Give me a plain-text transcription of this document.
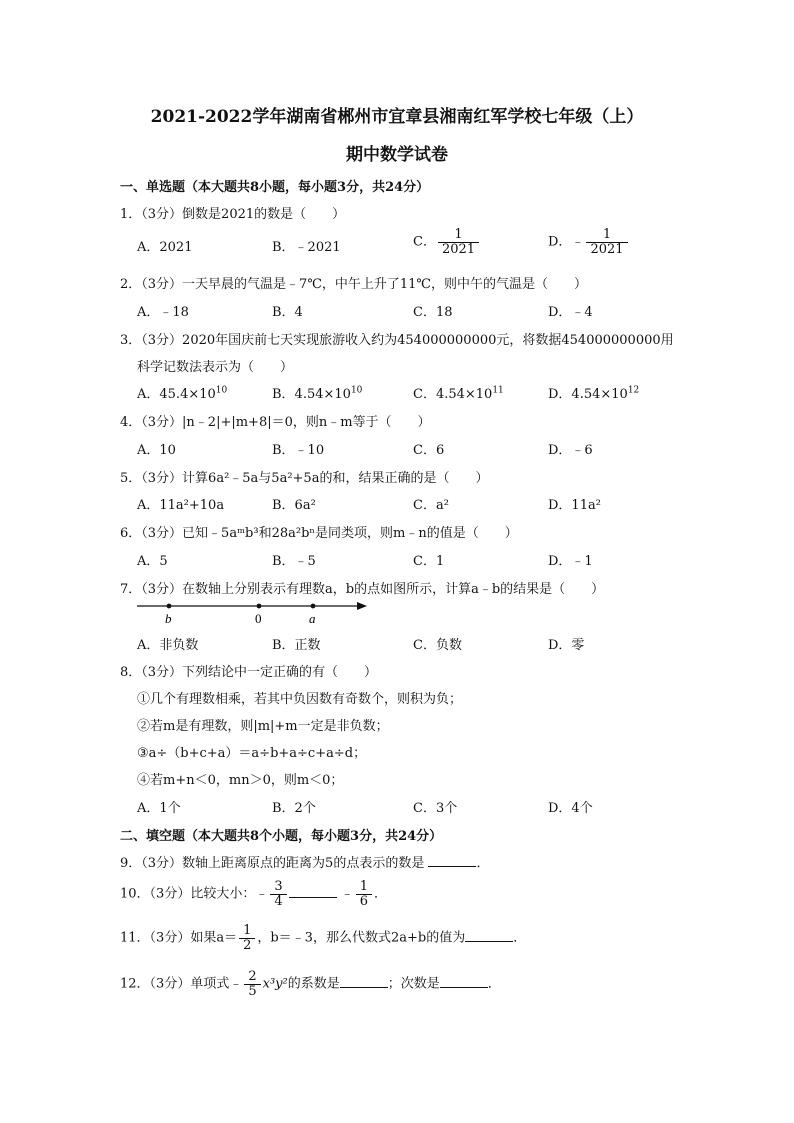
2021-2022学年湖南省郴州市宜章县湘南红军学校七年级（上）
期中数学试卷
一、单选题（本大题共8小题，每小题3分，共24分）
1．（3分）倒数是2021的数是（　　）
A．2021	B．﹣2021	C． $\frac{1}{2021}$	D．﹣ $\frac{1}{2021}$
2．（3分）一天早晨的气温是﹣7℃，中午上升了11℃，则中午的气温是（　　）
A．﹣18	B．4	C．18	D．﹣4
3．（3分）2020年国庆前七天实现旅游收入约为454000000000元，将数据454000000000用
科学记数法表示为（　　）
A．$45.4\times 10^{10}$	B．$4.54\times 10^{10}$	C．$4.54\times 10^{11}$	D．$4.54\times 10^{12}$
4．（3分）|n﹣2|+|m+8|＝0，则n﹣m等于（　　）
A．10	B．﹣10	C．6	D．﹣6
5．（3分）计算6a²﹣5a与5a²+5a的和，结果正确的是（　　）
A．11a²+10a	B．6a²	C．a²	D．11a²
6．（3分）已知﹣5aᵐb³和28a²bⁿ是同类项，则m﹣n的值是（　　）
A．5	B．﹣5	C．1	D．﹣1
7．（3分）在数轴上分别表示有理数a，b的点如图所示，计算a﹣b的结果是（　　）
b	0	a
A．非负数	B．正数	C．负数	D．零
8．（3分）下列结论中一定正确的有（　　）
①几个有理数相乘，若其中负因数有奇数个，则积为负；
②若m是有理数，则|m|+m一定是非负数；
③a÷（b+c+a）＝a÷b+a÷c+a÷d；
④若m+n＜0，mn＞0，则m＜0；
A．1个	B．2个	C．3个	D．4个
二、填空题（本大题共8个小题，每小题3分，共24分）
9．（3分）数轴上距离原点的距离为5的点表示的数是	．
10．（3分）比较大小：﹣ $\frac{3}{4}$	﹣ $\frac{1}{6}$ ．
11．（3分）如果$a= \frac{1}{2}$ ，b＝﹣3，那么代数式2a+b的值为	．
12．（3分）单项式﹣ $\frac{2}{5} x^3y^2$的系数是	；次数是	．
